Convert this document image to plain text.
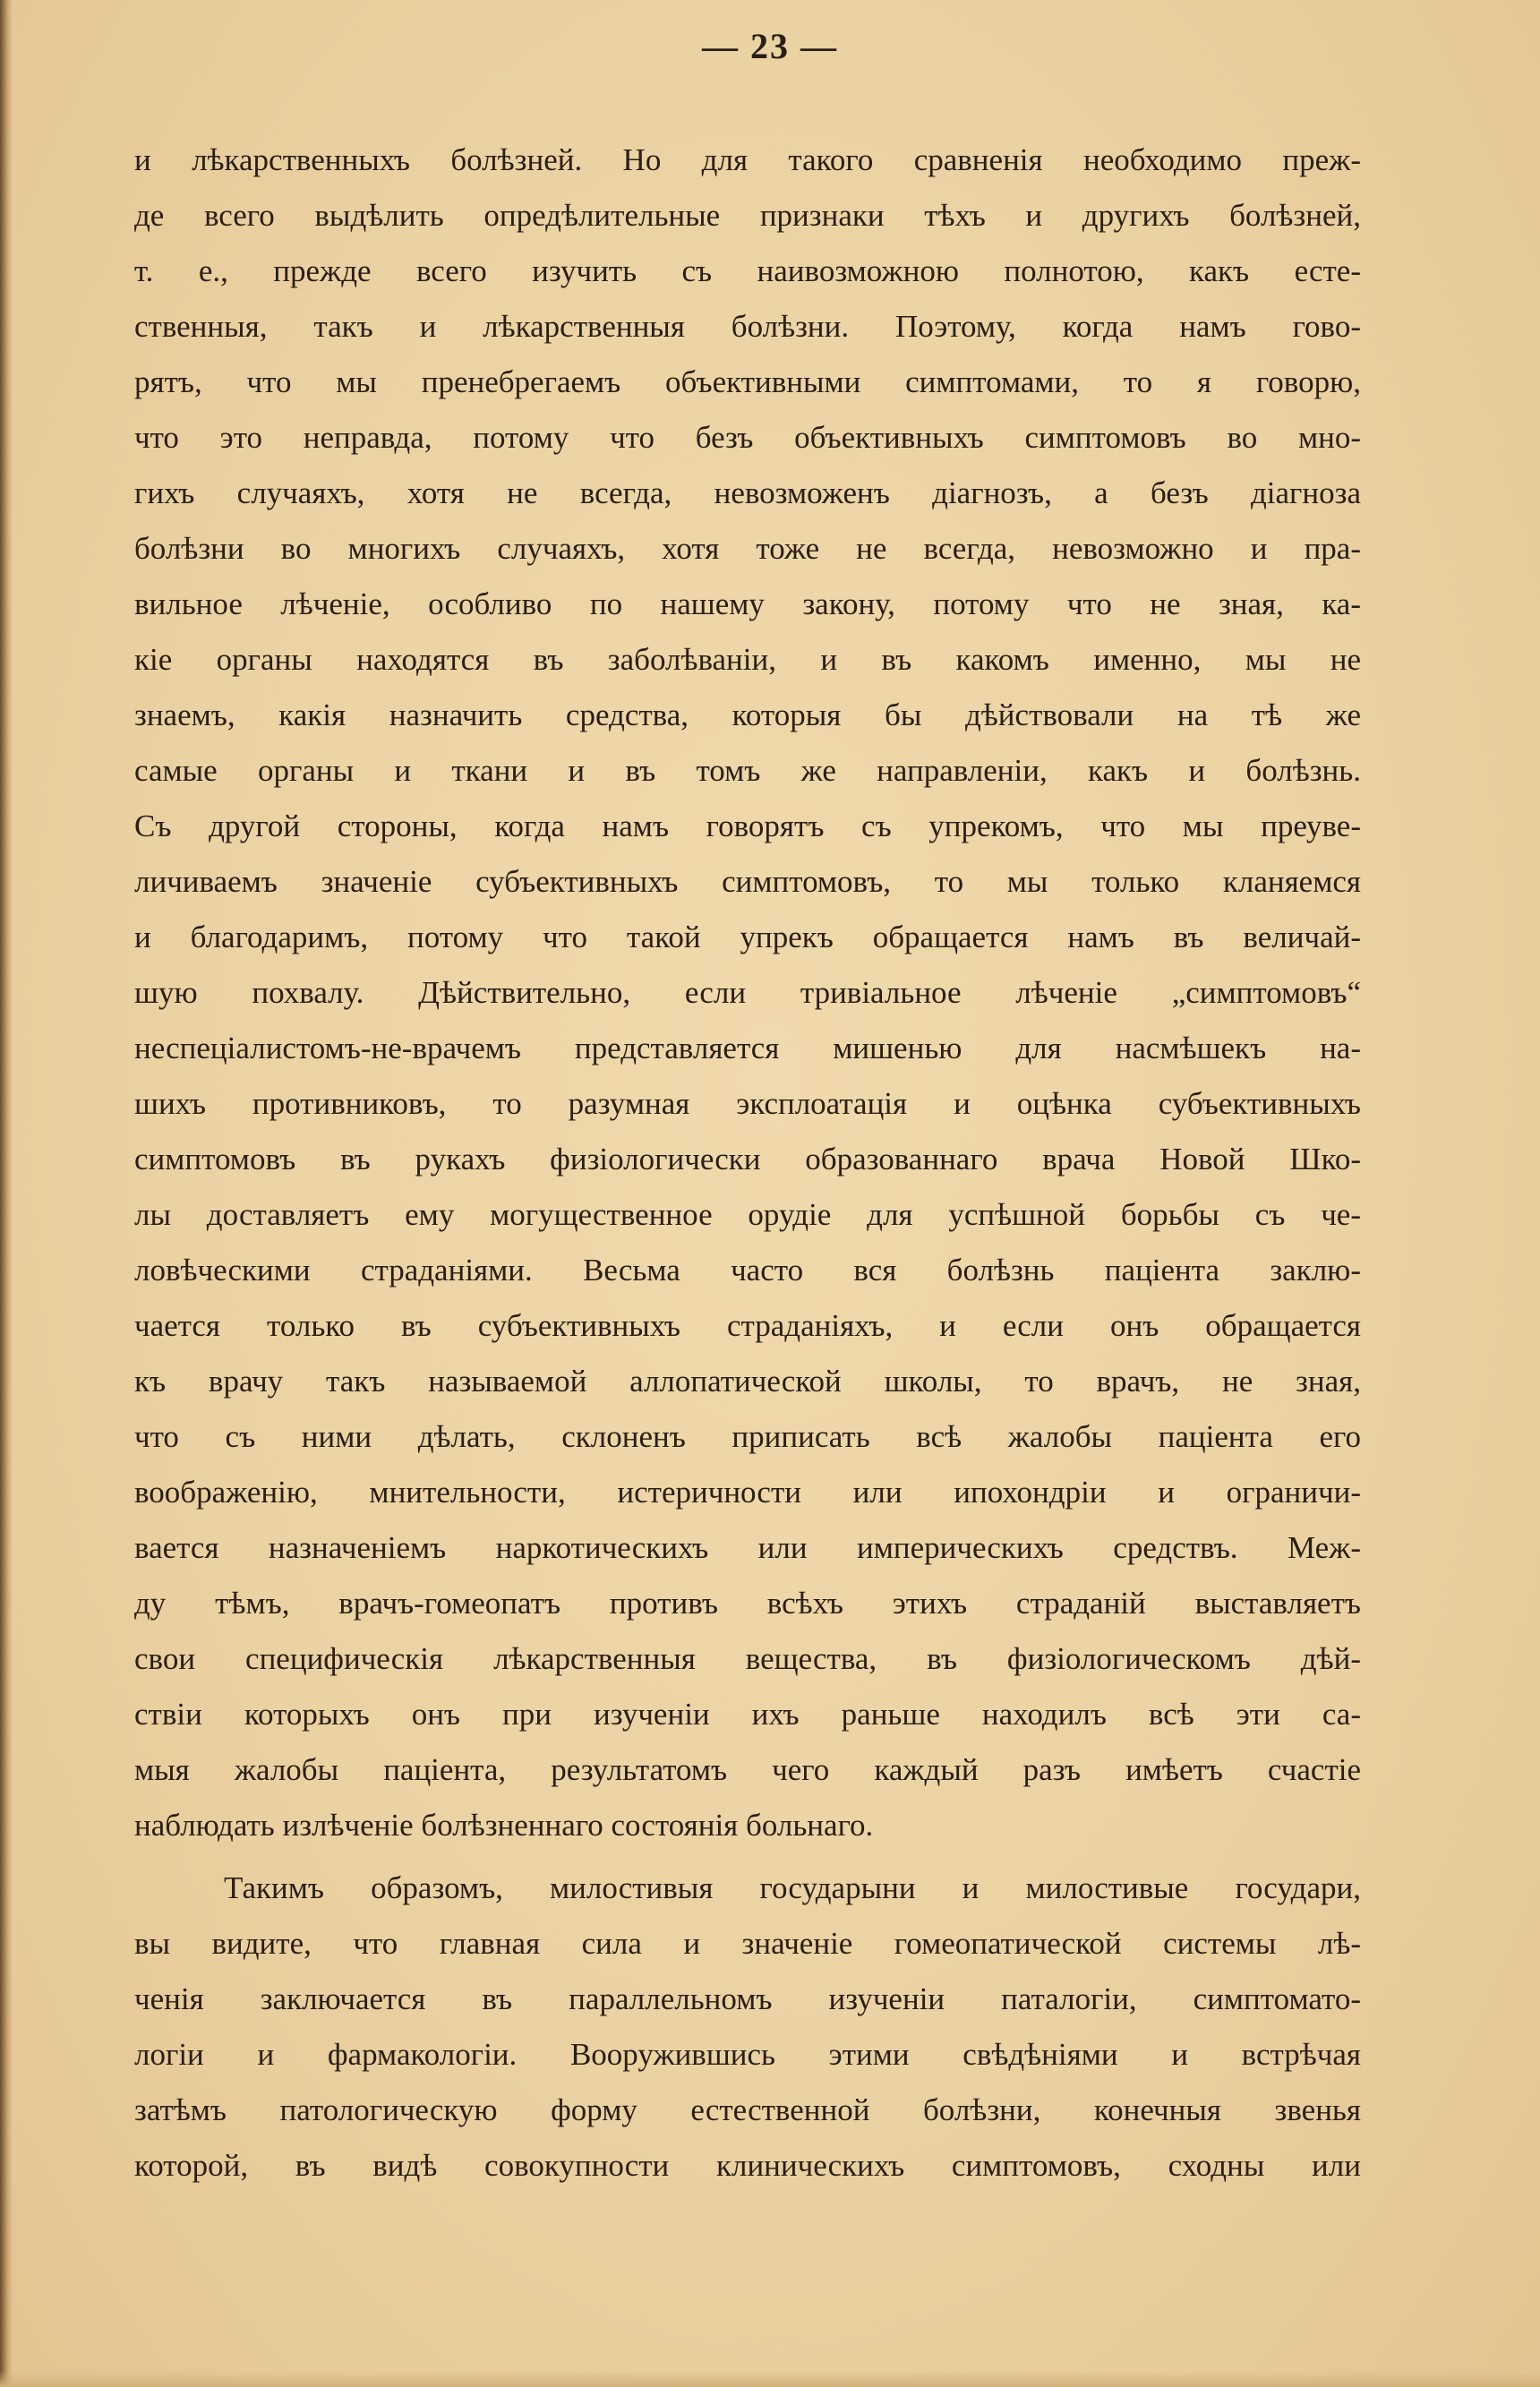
— 23 —
и лѣкарственныхъ болѣзней. Но для такого сравненія необходимо преж-
де всего выдѣлить опредѣлительные признаки тѣхъ и другихъ болѣзней,
т. е., прежде всего изучить съ наивозможною полнотою, какъ есте-
ственныя, такъ и лѣкарственныя болѣзни. Поэтому, когда намъ гово-
рятъ, что мы пренебрегаемъ объективными симптомами, то я говорю,
что это неправда, потому что безъ объективныхъ симптомовъ во мно-
гихъ случаяхъ, хотя не всегда, невозможенъ діагнозъ, а безъ діагноза
болѣзни во многихъ случаяхъ, хотя тоже не всегда, невозможно и пра-
вильное лѣченіе, особливо по нашему закону, потому что не зная, ка-
кіе органы находятся въ заболѣваніи, и въ какомъ именно, мы не
знаемъ, какія назначить средства, которыя бы дѣйствовали на тѣ же
самые органы и ткани и въ томъ же направленіи, какъ и болѣзнь.
Съ другой стороны, когда намъ говорятъ съ упрекомъ, что мы преуве-
личиваемъ значеніе субъективныхъ симптомовъ, то мы только кланяемся
и благодаримъ, потому что такой упрекъ обращается намъ въ величай-
шую похвалу. Дѣйствительно, если тривіальное лѣченіе „симптомовъ“
неспеціалистомъ-не-врачемъ представляется мишенью для насмѣшекъ на-
шихъ противниковъ, то разумная эксплоатація и оцѣнка субъективныхъ
симптомовъ въ рукахъ физіологически образованнаго врача Новой Шко-
лы доставляетъ ему могущественное орудіе для успѣшной борьбы съ че-
ловѣческими страданіями. Весьма часто вся болѣзнь паціента заклю-
чается только въ субъективныхъ страданіяхъ, и если онъ обращается
къ врачу такъ называемой аллопатической школы, то врачъ, не зная,
что съ ними дѣлать, склоненъ приписать всѣ жалобы паціента его
воображенію, мнительности, истеричности или ипохондріи и ограничи-
вается назначеніемъ наркотическихъ или империческихъ средствъ. Меж-
ду тѣмъ, врачъ-гомеопатъ противъ всѣхъ этихъ страданій выставляетъ
свои специфическія лѣкарственныя вещества, въ физіологическомъ дѣй-
ствіи которыхъ онъ при изученіи ихъ раньше находилъ всѣ эти са-
мыя жалобы паціента, результатомъ чего каждый разъ имѣетъ счастіе
наблюдать излѣченіе болѣзненнаго состоянія больнаго.
Такимъ образомъ, милостивыя государыни и милостивые государи,
вы видите, что главная сила и значеніе гомеопатической системы лѣ-
ченія заключается въ параллельномъ изученіи паталогіи, симптомато-
логіи и фармакологіи. Вооружившись этими свѣдѣніями и встрѣчая
затѣмъ патологическую форму естественной болѣзни, конечныя звенья
которой, въ видѣ совокупности клиническихъ симптомовъ, сходны или
